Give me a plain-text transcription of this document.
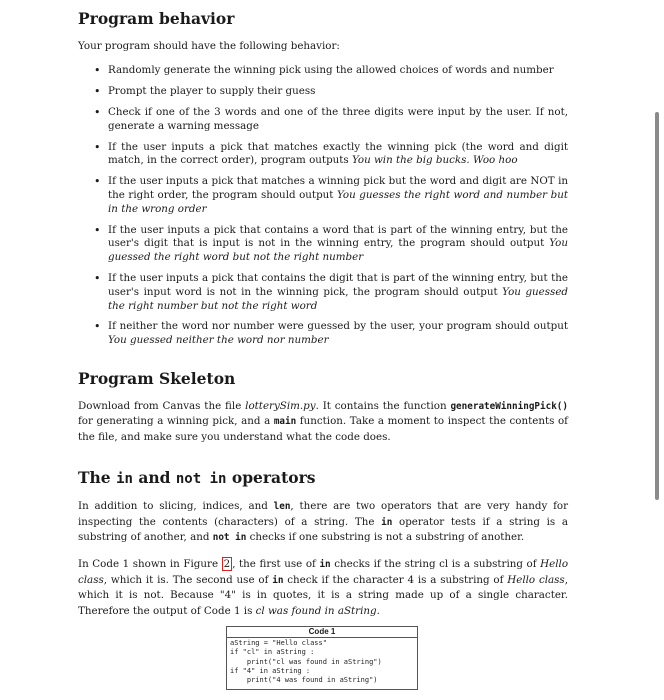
Program behavior

Your program should have the following behavior:

• Randomly generate the winning pick using the allowed choices of words and number
• Prompt the player to supply their guess
• Check if one of the 3 words and one of the three digits were input by the user. If not, generate a warning message
• If the user inputs a pick that matches exactly the winning pick (the word and digit match, in the correct order), program outputs You win the big bucks. Woo hoo
• If the user inputs a pick that matches a winning pick but the word and digit are NOT in the right order, the program should output You guesses the right word and number but in the wrong order
• If the user inputs a pick that contains a word that is part of the winning entry, but the user's digit that is input is not in the winning entry, the program should output You guessed the right word but not the right number
• If the user inputs a pick that contains the digit that is part of the winning entry, but the user's input word is not in the winning pick, the program should output You guessed the right number but not the right word
• If neither the word nor number were guessed by the user, your program should output You guessed neither the word nor number
Program Skeleton

Download from Canvas the file lotterySim.py. It contains the function generateWinningPick() for generating a winning pick, and a main function. Take a moment to inspect the contents of the file, and make sure you understand what the code does.

The in and not in operators

In addition to slicing, indices, and len, there are two operators that are very handy for inspecting the contents (characters) of a string. The in operator tests if a string is a substring of another, and not in checks if one substring is not a substring of another.

In Code 1 shown in Figure 2 , the first use of in checks if the string cl is a substring of Hello class, which it is. The second use of in check if the character 4 is a substring of Hello class, which it is not. Because "4" is in quotes, it is a string made up of a single character. Therefore the output of Code 1 is cl was found in aString.

Code 1
aString = "Hello class"
if "cl" in aString :
print("cl was found in aString")
if "4" in aString :
print("4 was found in aString")
